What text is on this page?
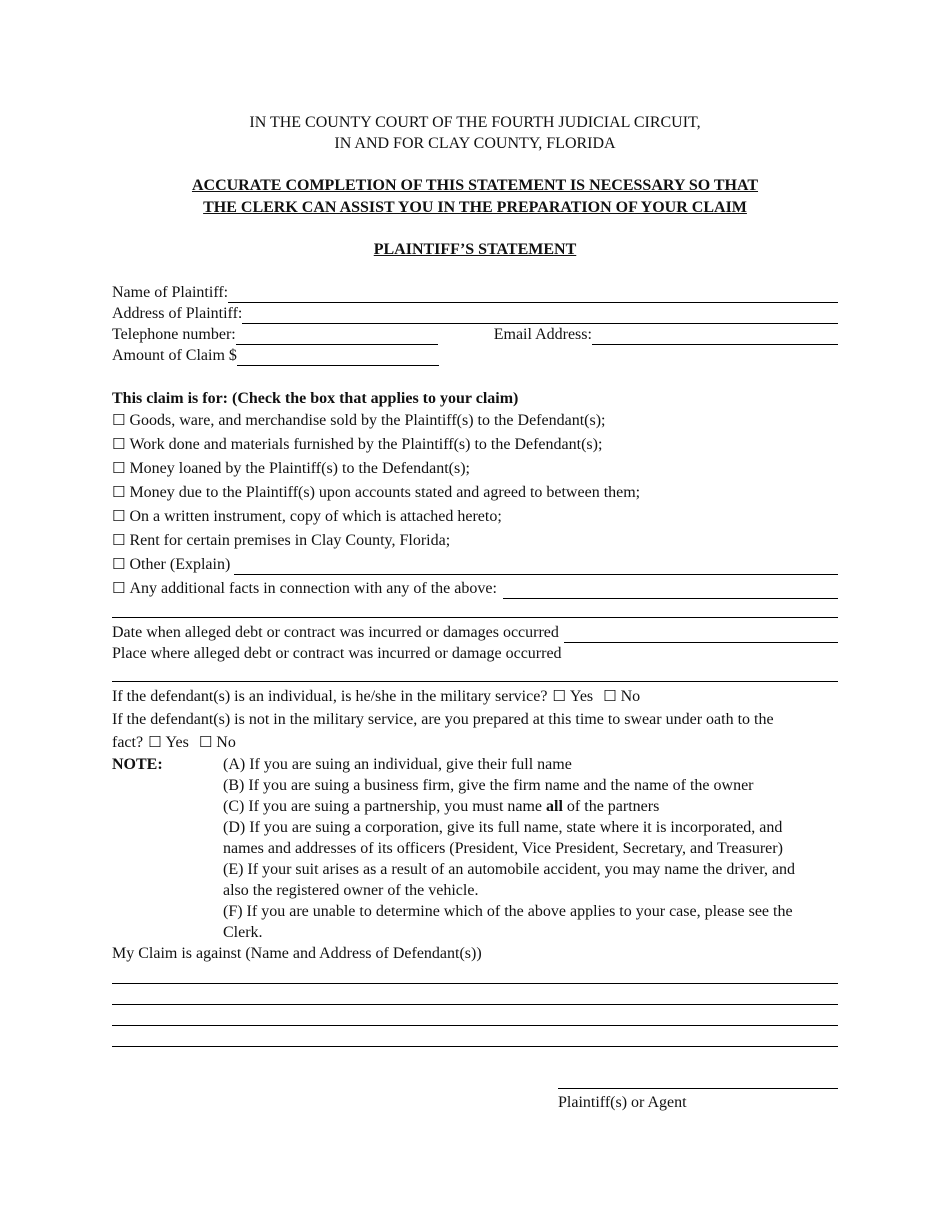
IN THE COUNTY COURT OF THE FOURTH JUDICIAL CIRCUIT,
IN AND FOR CLAY COUNTY, FLORIDA
ACCURATE COMPLETION OF THIS STATEMENT IS NECESSARY SO THAT
THE CLERK CAN ASSIST YOU IN THE PREPARATION OF YOUR CLAIM
PLAINTIFF’S STATEMENT
Name of Plaintiff:
Address of Plaintiff:
Telephone number:	Email Address:
Amount of Claim $
This claim is for: (Check the box that applies to your claim)
☐ Goods, ware, and merchandise sold by the Plaintiff(s) to the Defendant(s);
☐ Work done and materials furnished by the Plaintiff(s) to the Defendant(s);
☐ Money loaned by the Plaintiff(s) to the Defendant(s);
☐ Money due to the Plaintiff(s) upon accounts stated and agreed to between them;
☐ On a written instrument, copy of which is attached hereto;
☐ Rent for certain premises in Clay County, Florida;
☐ Other (Explain)
☐ Any additional facts in connection with any of the above:
Date when alleged debt or contract was incurred or damages occurred
Place where alleged debt or contract was incurred or damage occurred
If the defendant(s) is an individual, is he/she in the military service? ☐ Yes ☐ No
If the defendant(s) is not in the military service, are you prepared at this time to swear under oath to the
fact? ☐ Yes ☐ No
NOTE:	(A) If you are suing an individual, give their full name
(B) If you are suing a business firm, give the firm name and the name of the owner
(C) If you are suing a partnership, you must name all of the partners
(D) If you are suing a corporation, give its full name, state where it is incorporated, and
names and addresses of its officers (President, Vice President, Secretary, and Treasurer)
(E) If your suit arises as a result of an automobile accident, you may name the driver, and
also the registered owner of the vehicle.
(F) If you are unable to determine which of the above applies to your case, please see the
Clerk.
My Claim is against (Name and Address of Defendant(s))
Plaintiff(s) or Agent
